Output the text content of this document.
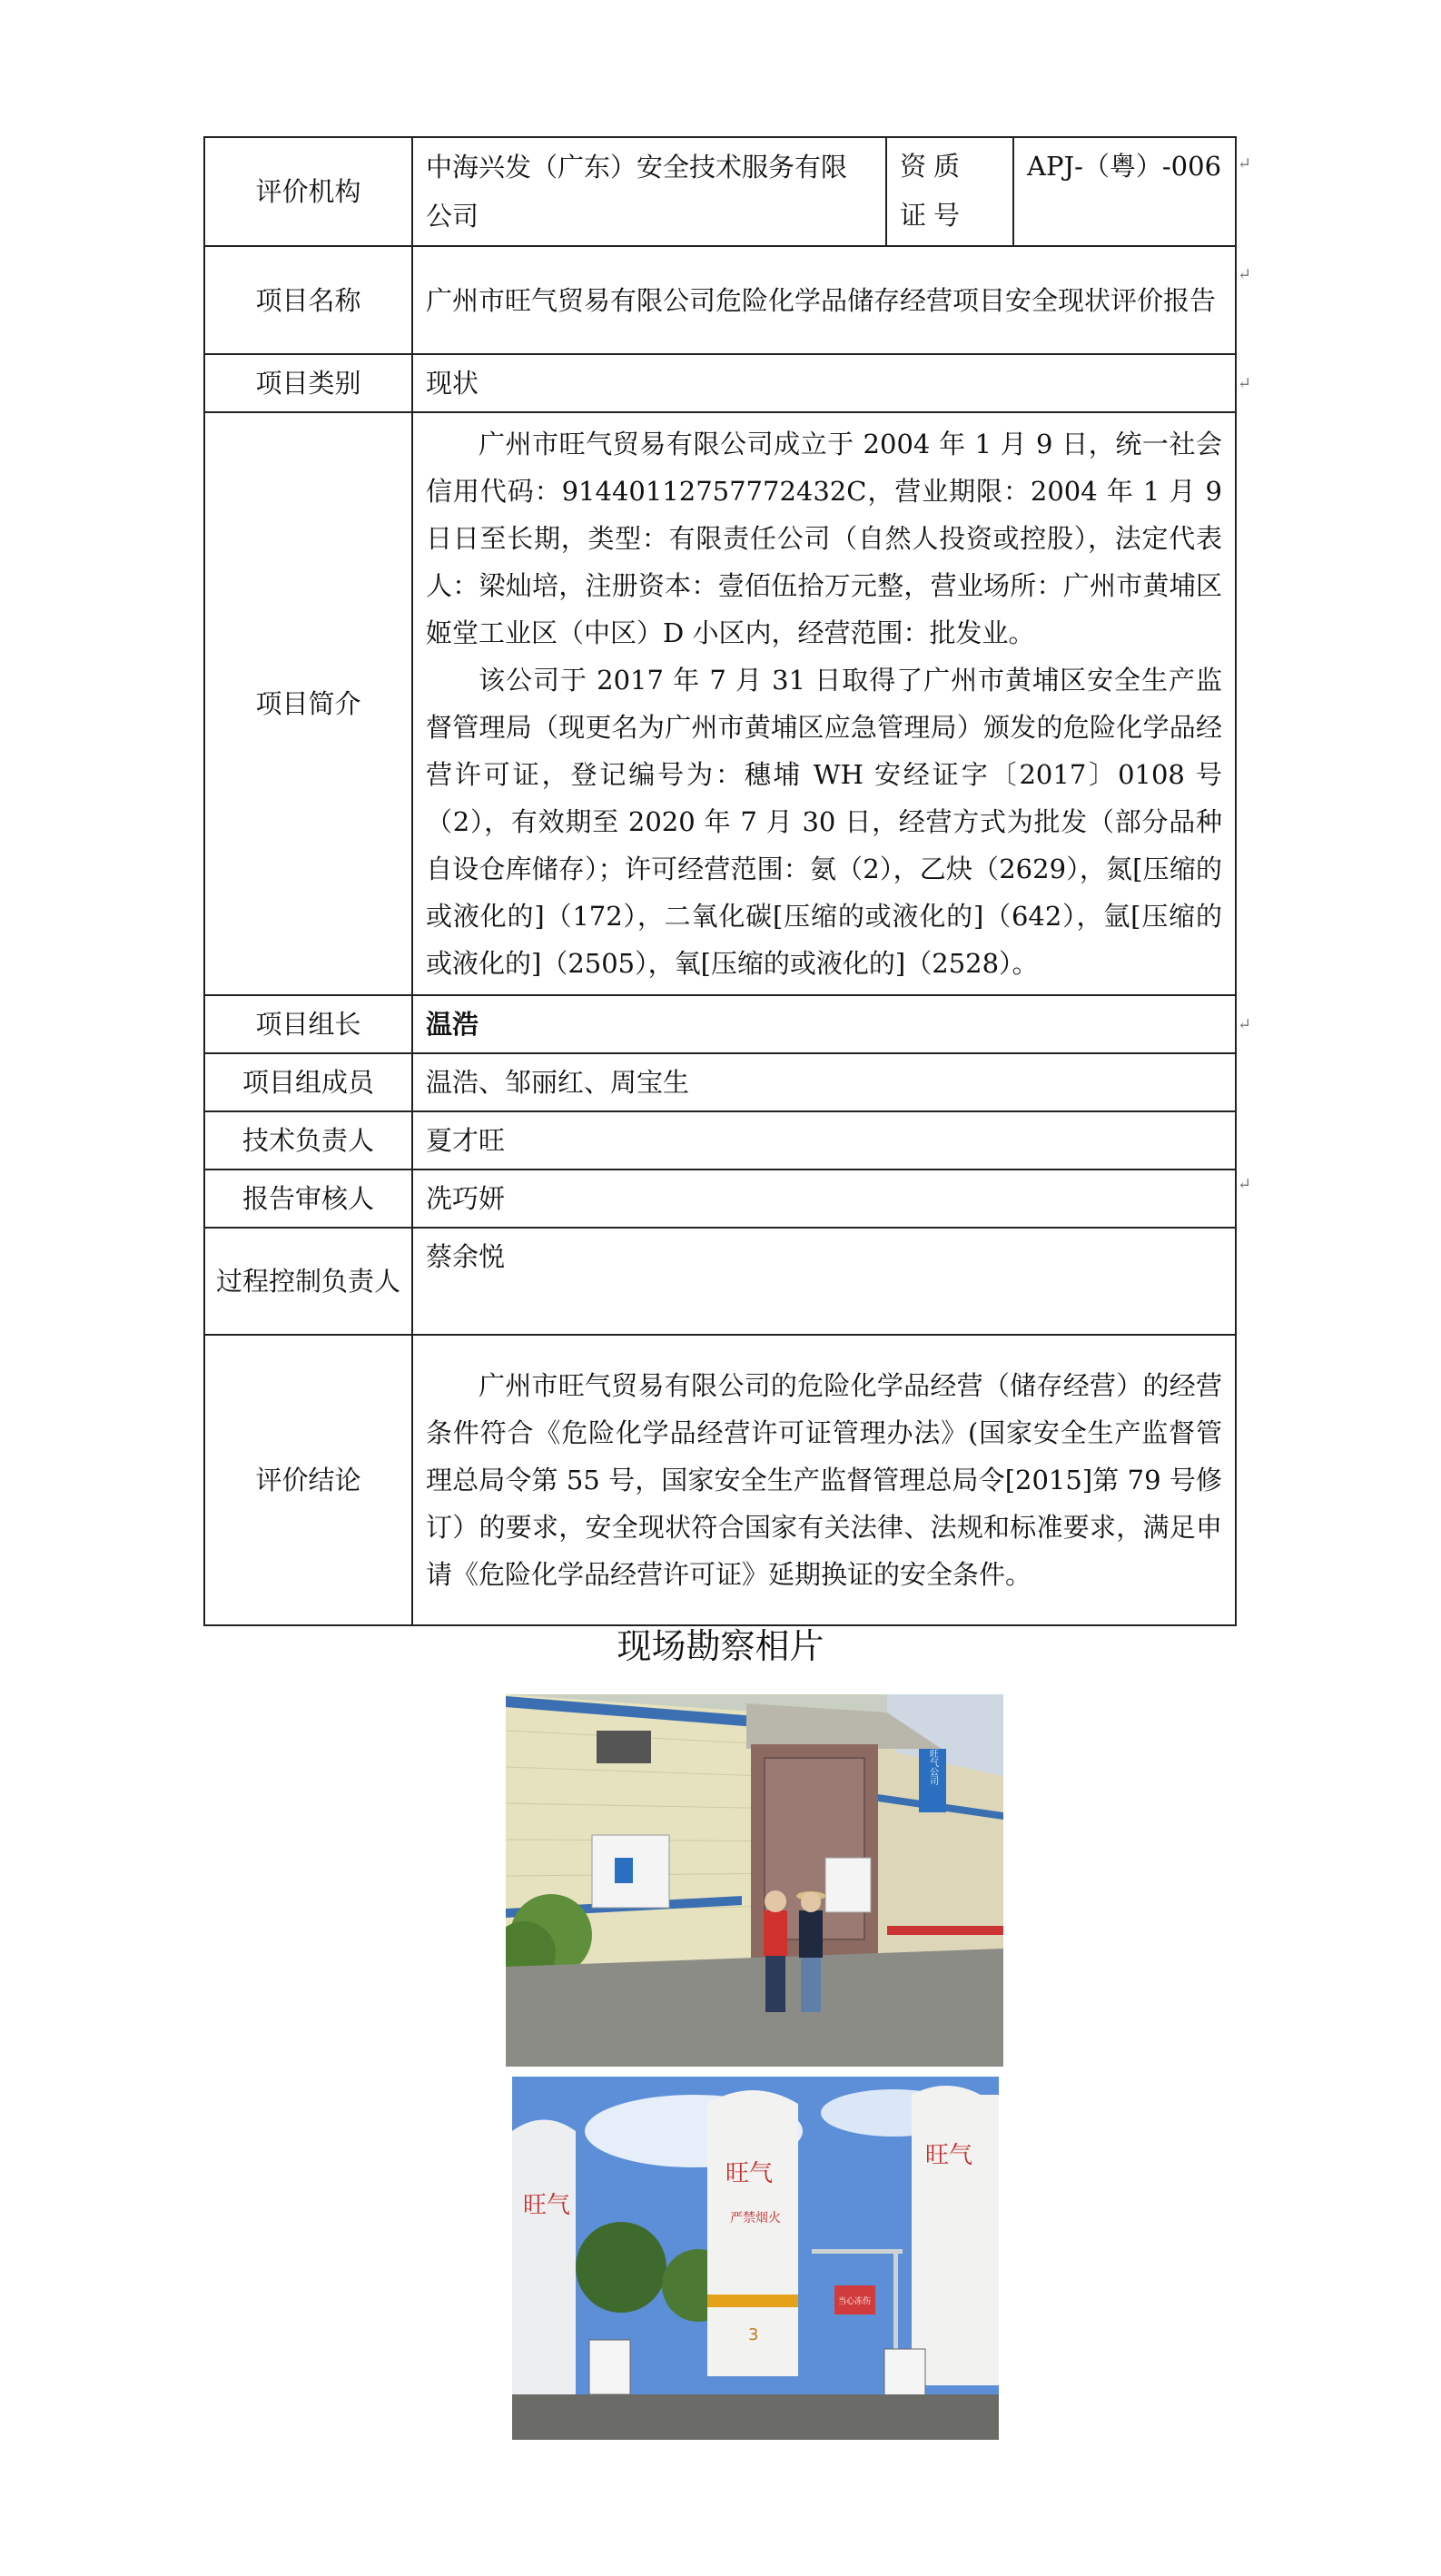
评价机构	中海兴发（广东）安全技术服务有限公司	资质证号	APJ-（粤）-006
项目名称	广州市旺气贸易有限公司危险化学品储存经营项目安全现状评价报告		
项目类别	现状		
项目简介	广州市旺气贸易有限公司成立于 2004 年 1 月 9 日，统一社会信用代码：91440112757772432C，营业期限：2004 年 1 月 9 日日至长期，类型：有限责任公司（自然人投资或控股），法定代表人：梁灿培，注册资本：壹佰伍拾万元整，营业场所：广州市黄埔区姬堂工业区（中区）D 小区内，经营范围：批发业。
该公司于 2017 年 7 月 31 日取得了广州市黄埔区安全生产监督管理局（现更名为广州市黄埔区应急管理局）颁发的危险化学品经营许可证，登记编号为：穗埔 WH 安经证字〔2017〕0108 号（2），有效期至 2020 年 7 月 30 日，经营方式为批发（部分品种自设仓库储存）；许可经营范围：氨（2），乙炔（2629），氮[压缩的或液化的]（172），二氧化碳[压缩的或液化的]（642），氩[压缩的或液化的]（2505），氧[压缩的或液化的]（2528）。		

项目组长	温浩		
项目组成员	温浩、邹丽红、周宝生		
技术负责人	夏才旺		
报告审核人	冼巧妍		
过程控制负责人	蔡余悦		
评价结论	广州市旺气贸易有限公司的危险化学品经营（储存经营）的经营条件符合《危险化学品经营许可证管理办法》(国家安全生产监督管理总局令第 55 号，国家安全生产监督管理总局令[2015]第 79 号修订）的要求，安全现状符合国家有关法律、法规和标准要求，满足申请《危险化学品经营许可证》延期换证的安全条件。		
↵
↵
↵
↵
↵
现场勘察相片
旺气公司
旺气
旺气
严禁烟火
3
旺气
当心冻伤
